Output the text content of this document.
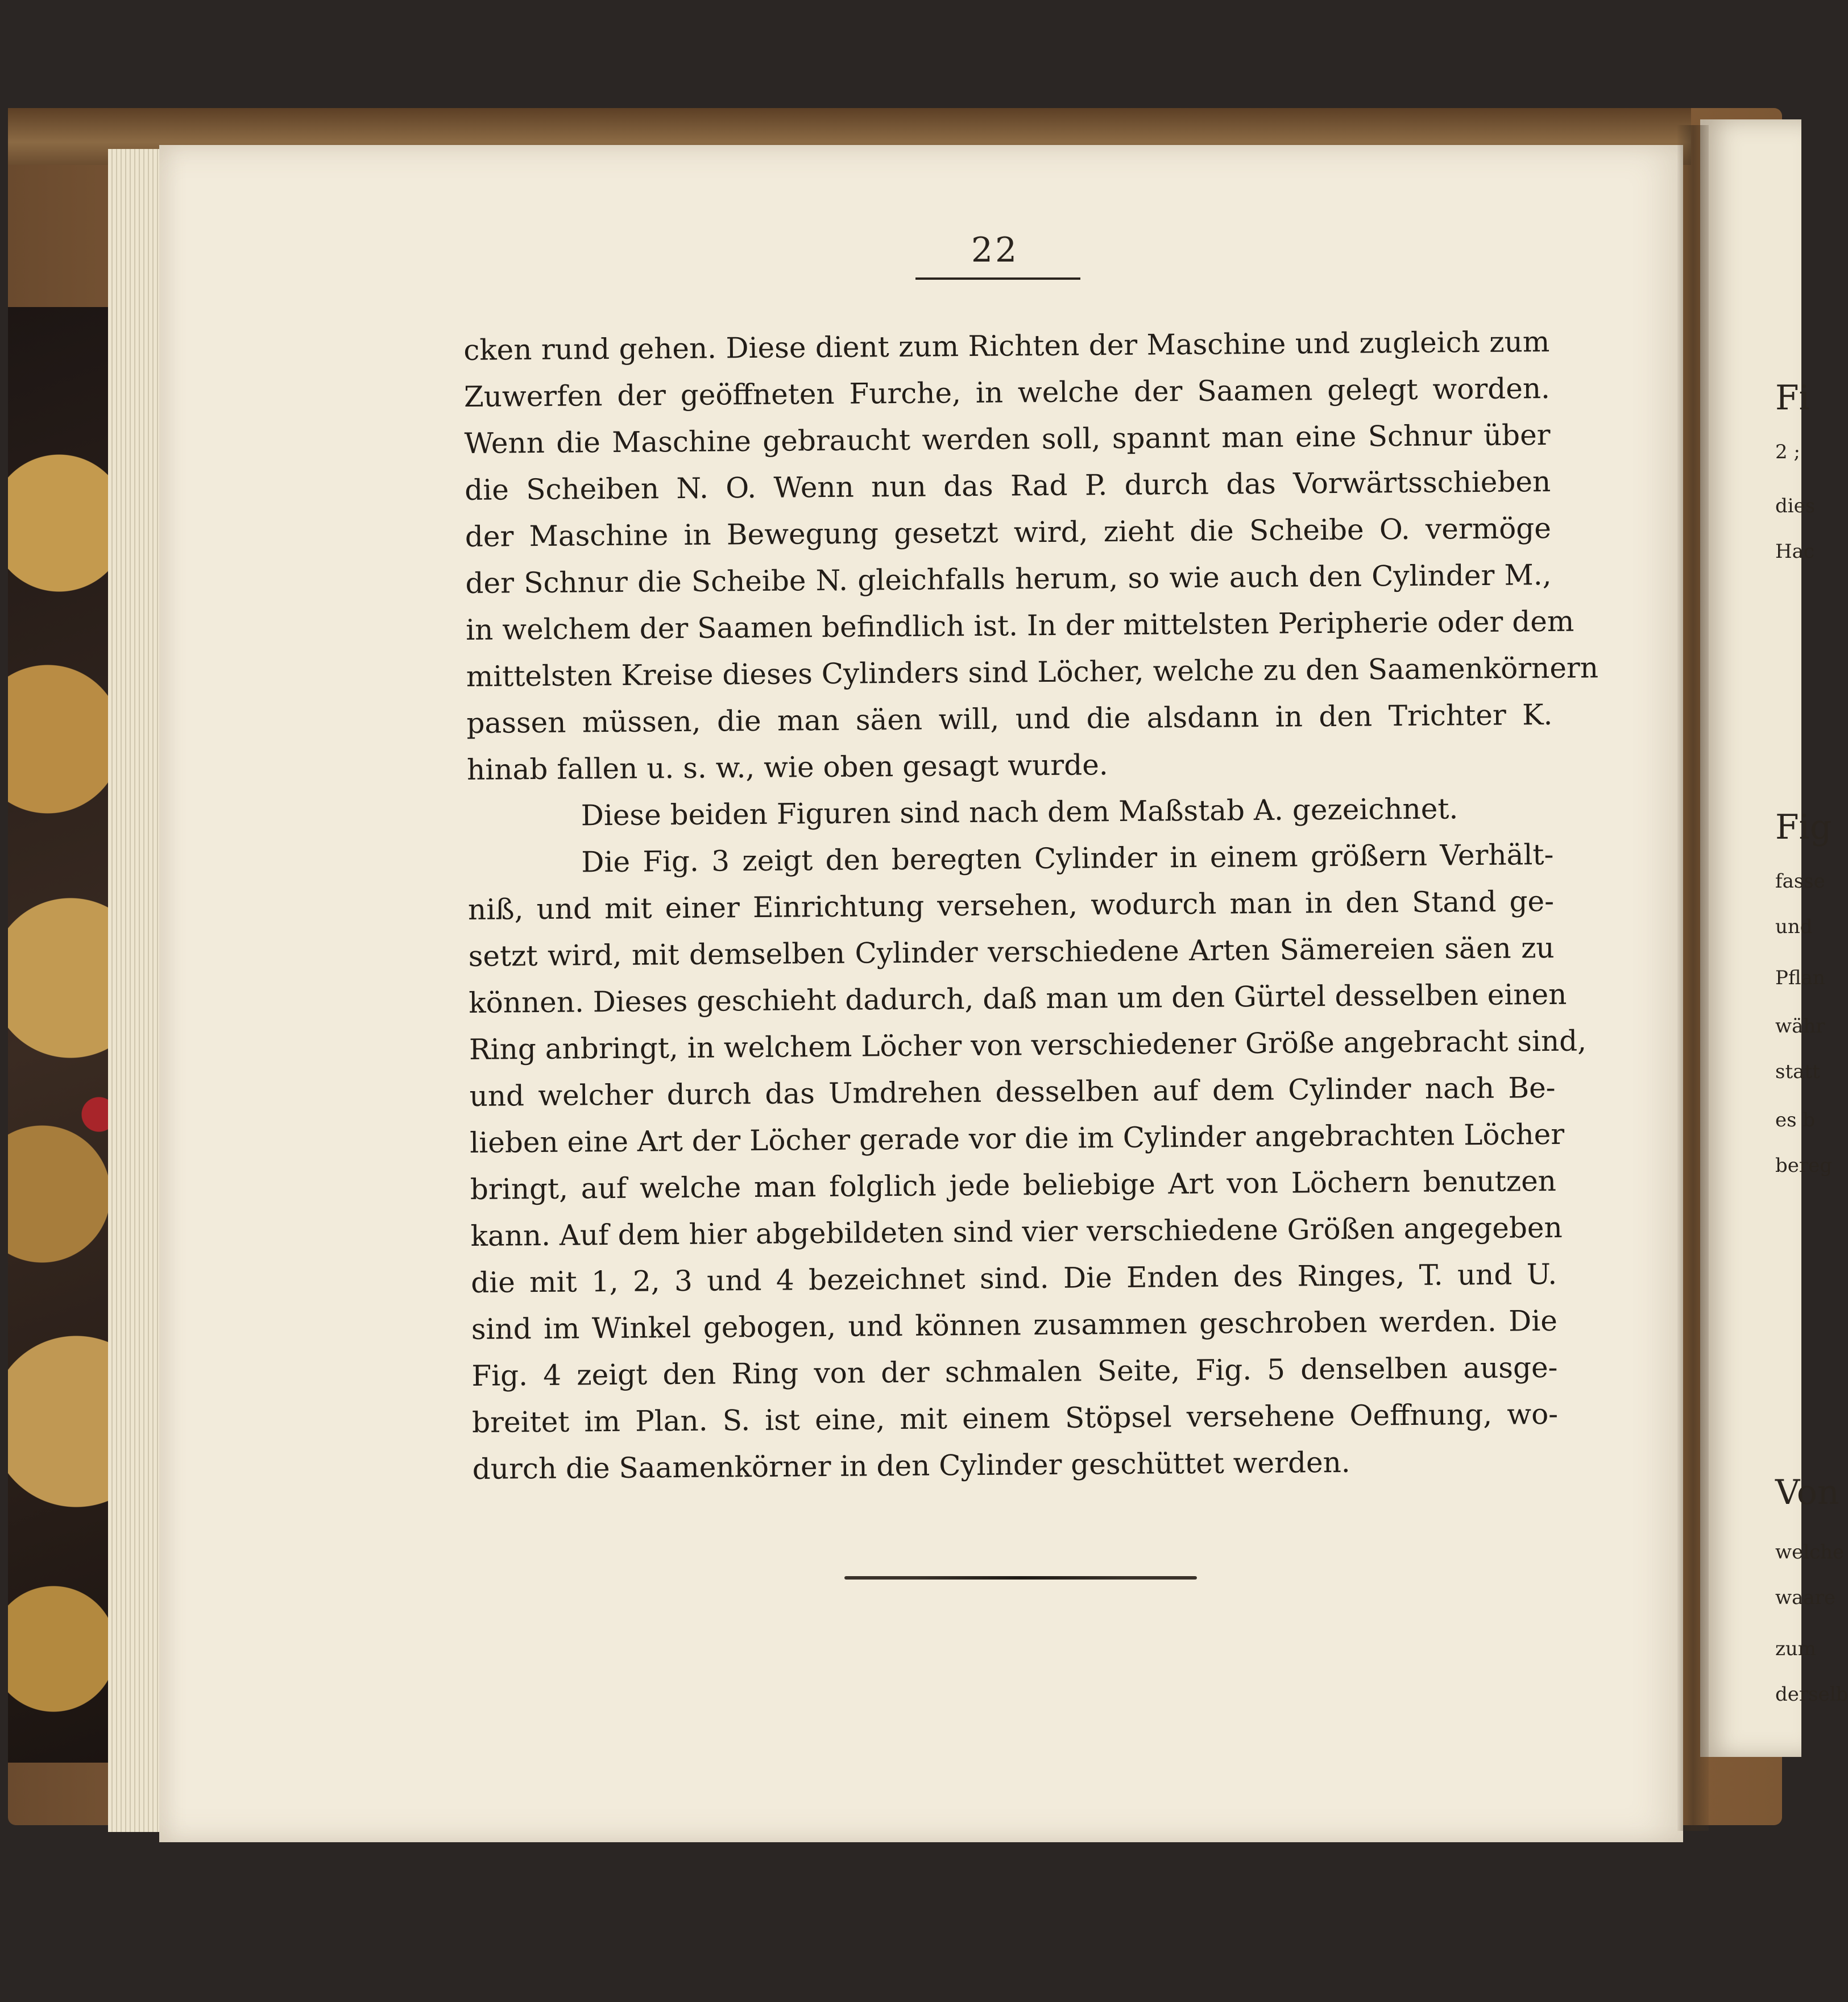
22
cken rund gehen. Diese dient zum Richten der Maschine und zugleich zum
Zuwerfen der geöffneten Furche, in welche der Saamen gelegt worden.
Wenn die Maschine gebraucht werden soll, spannt man eine Schnur über
die Scheiben N. O. Wenn nun das Rad P. durch das Vorwärtsschieben
der Maschine in Bewegung gesetzt wird, zieht die Scheibe O. vermöge
der Schnur die Scheibe N. gleichfalls herum, so wie auch den Cylinder M.,
in welchem der Saamen befindlich ist. In der mittelsten Peripherie oder dem
mittelsten Kreise dieses Cylinders sind Löcher, welche zu den Saamenkörnern
passen müssen, die man säen will, und die alsdann in den Trichter K.
hinab fallen u. s. w., wie oben gesagt wurde.
Diese beiden Figuren sind nach dem Maßstab A. gezeichnet.
Die Fig. 3 zeigt den beregten Cylinder in einem größern Verhält-
niß, und mit einer Einrichtung versehen, wodurch man in den Stand ge-
setzt wird, mit demselben Cylinder verschiedene Arten Sämereien säen zu
können. Dieses geschieht dadurch, daß man um den Gürtel desselben einen
Ring anbringt, in welchem Löcher von verschiedener Größe angebracht sind,
und welcher durch das Umdrehen desselben auf dem Cylinder nach Be-
lieben eine Art der Löcher gerade vor die im Cylinder angebrachten Löcher
bringt, auf welche man folglich jede beliebige Art von Löchern benutzen
kann. Auf dem hier abgebildeten sind vier verschiedene Größen angegeben
die mit 1, 2, 3 und 4 bezeichnet sind. Die Enden des Ringes, T. und U.
sind im Winkel gebogen, und können zusammen geschroben werden. Die
Fig. 4 zeigt den Ring von der schmalen Seite, Fig. 5 denselben ausge-
breitet im Plan. S. ist eine, mit einem Stöpsel versehene Oeffnung, wo-
durch die Saamenkörner in den Cylinder geschüttet werden.
Fi
2 ;
dies
Hac
Fig
fasse
und
Pflan
währ
statt
es b
bereg
Von
welche
waare
zum
derselb
